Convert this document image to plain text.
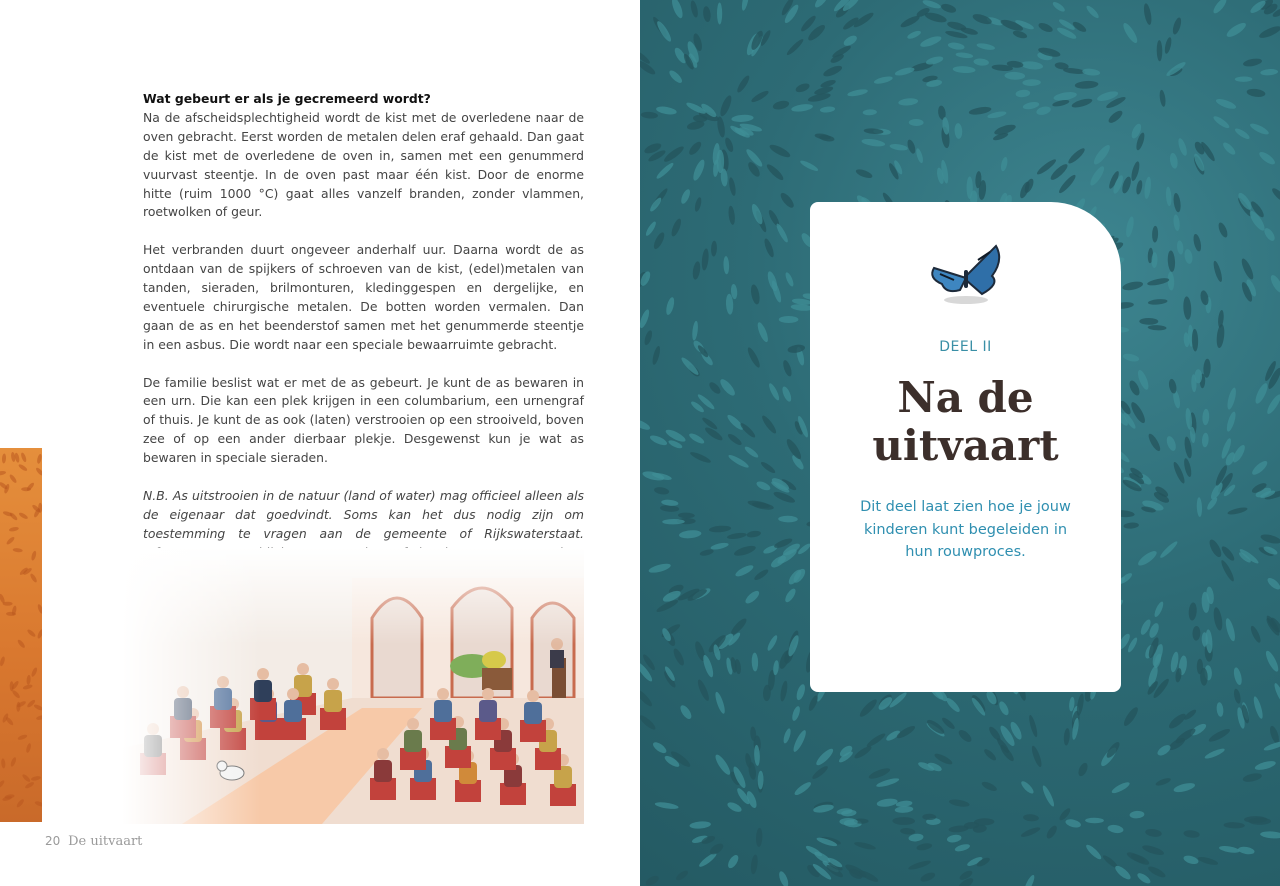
Wat gebeurt er als je gecremeerd wordt?

Na de afscheidsplechtigheid wordt de kist met de overledene naar de oven gebracht. Eerst worden de metalen delen eraf gehaald. Dan gaat de kist met de overledene de oven in, samen met een genummerd vuurvast steentje. In de oven past maar één kist. Door de enorme hitte (ruim 1000 °C) gaat alles vanzelf branden, zonder vlammen, roetwolken of geur.

Het verbranden duurt ongeveer anderhalf uur. Daarna wordt de as ontdaan van de spijkers of schroeven van de kist, (edel)metalen van tanden, sieraden, brilmonturen, kledinggespen en dergelijke, en eventuele chirurgische metalen. De botten worden vermalen. Dan gaan de as en het beenderstof samen met het genummerde steentje in een asbus. Die wordt naar een speciale bewaarruimte gebracht.

De familie beslist wat er met de as gebeurt. Je kunt de as bewaren in een urn. Die kan een plek krijgen in een columbarium, een urnengraf of thuis. Je kunt de as ook (laten) verstrooien op een strooiveld, boven zee of op een ander dierbaar plekje. Desgewenst kun je wat as bewaren in speciale sieraden.

N.B. As uitstrooien in de natuur (land of water) mag officieel alleen als de eigenaar dat goedvindt. Soms kan het dus nodig zijn om toestemming te vragen aan de gemeente of Rijkswaterstaat.

20 De uitvaart
DEEL II
Na de
uitvaart
Dit deel laat zien hoe je jouw kinderen kunt begeleiden in hun rouwproces.
